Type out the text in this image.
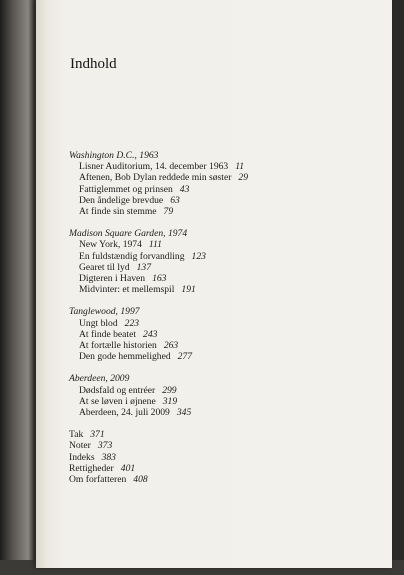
Indhold
Washington D.C., 1963
Lisner Auditorium, 14. december 1963 11
Aftenen, Bob Dylan reddede min søster 29
Fattiglemmet og prinsen 43
Den åndelige brevdue 63
At finde sin stemme 79
Madison Square Garden, 1974
New York, 1974 111
En fuldstændig forvandling 123
Gearet til lyd 137
Digteren i Haven 163
Midvinter: et mellemspil 191
Tanglewood, 1997
Ungt blod 223
At finde beatet 243
At fortælle historien 263
Den gode hemmelighed 277
Aberdeen, 2009
Dødsfald og entréer 299
At se løven i øjnene 319
Aberdeen, 24. juli 2009 345
Tak 371
Noter 373
Indeks 383
Rettigheder 401
Om forfatteren 408
